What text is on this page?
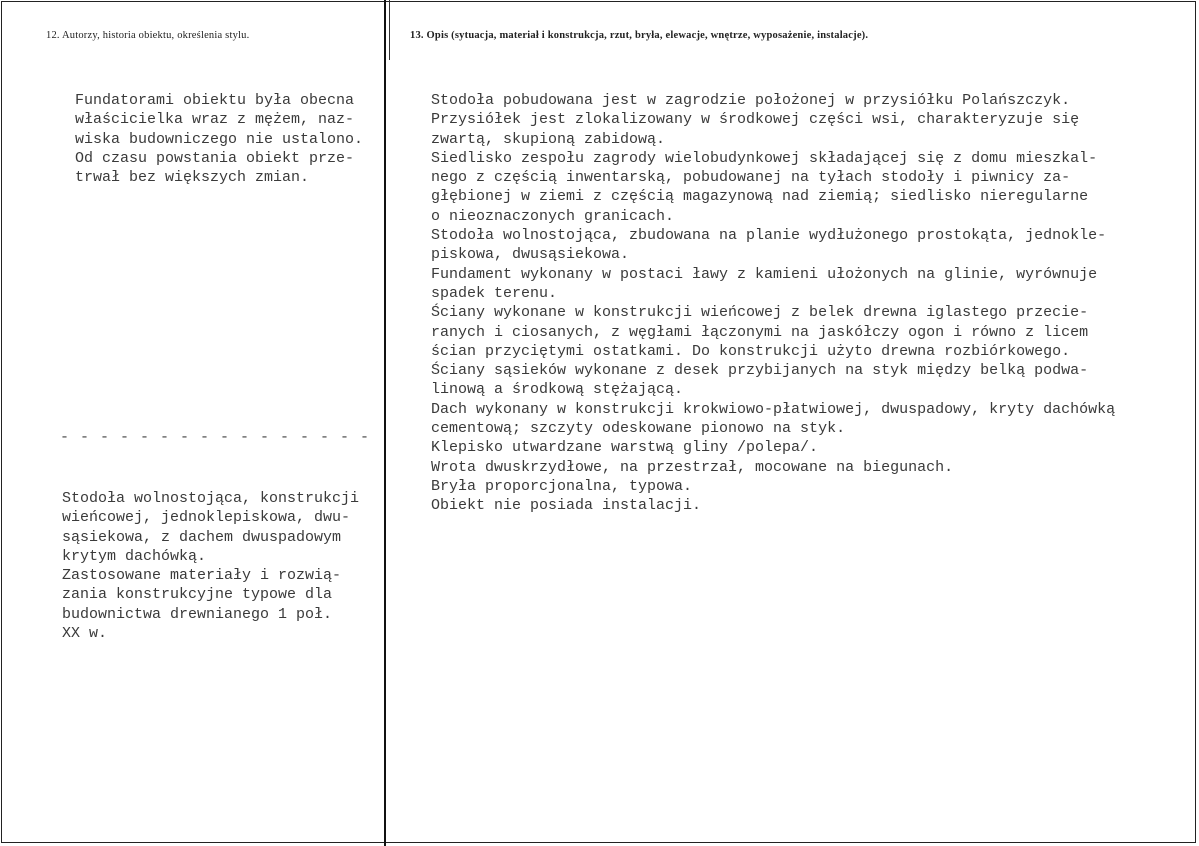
12. Autorzy, historia obiektu, określenia stylu.	13. Opis (sytuacja, materiał i konstrukcja, rzut, bryła, elewacje, wnętrze, wyposażenie, instalacje).
Fundatorami obiektu była obecna
właścicielka wraz z mężem, naz-
wiska budowniczego nie ustalono.
Od czasu powstania obiekt prze-
trwał bez większych zmian.
- - - - - - - - - - - - - - - -
Stodoła wolnostojąca, konstrukcji
wieńcowej, jednoklepiskowa, dwu-
sąsiekowa, z dachem dwuspadowym
krytym dachówką.
Zastosowane materiały i rozwią-
zania konstrukcyjne typowe dla
budownictwa drewnianego 1 poł.
XX w.
Stodoła pobudowana jest w zagrodzie położonej w przysiółku Polańszczyk.
Przysiółek jest zlokalizowany w środkowej części wsi, charakteryzuje się
zwartą, skupioną zabidową.
Siedlisko zespołu zagrody wielobudynkowej składającej się z domu mieszkal-
nego z częścią inwentarską, pobudowanej na tyłach stodoły i piwnicy za-
głębionej w ziemi z częścią magazynową nad ziemią; siedlisko nieregularne
o nieoznaczonych granicach.
Stodoła wolnostojąca, zbudowana na planie wydłużonego prostokąta, jednokle-
piskowa, dwusąsiekowa.
Fundament wykonany w postaci ławy z kamieni ułożonych na glinie, wyrównuje
spadek terenu.
Ściany wykonane w konstrukcji wieńcowej z belek drewna iglastego przecie-
ranych i ciosanych, z węgłami łączonymi na jaskółczy ogon i równo z licem
ścian przyciętymi ostatkami. Do konstrukcji użyto drewna rozbiórkowego.
Ściany sąsieków wykonane z desek przybijanych na styk między belką podwa-
linową a środkową stężającą.
Dach wykonany w konstrukcji krokwiowo-płatwiowej, dwuspadowy, kryty dachówką
cementową; szczyty odeskowane pionowo na styk.
Klepisko utwardzane warstwą gliny /polepa/.
Wrota dwuskrzydłowe, na przestrzał, mocowane na biegunach.
Bryła proporcjonalna, typowa.
Obiekt nie posiada instalacji.
